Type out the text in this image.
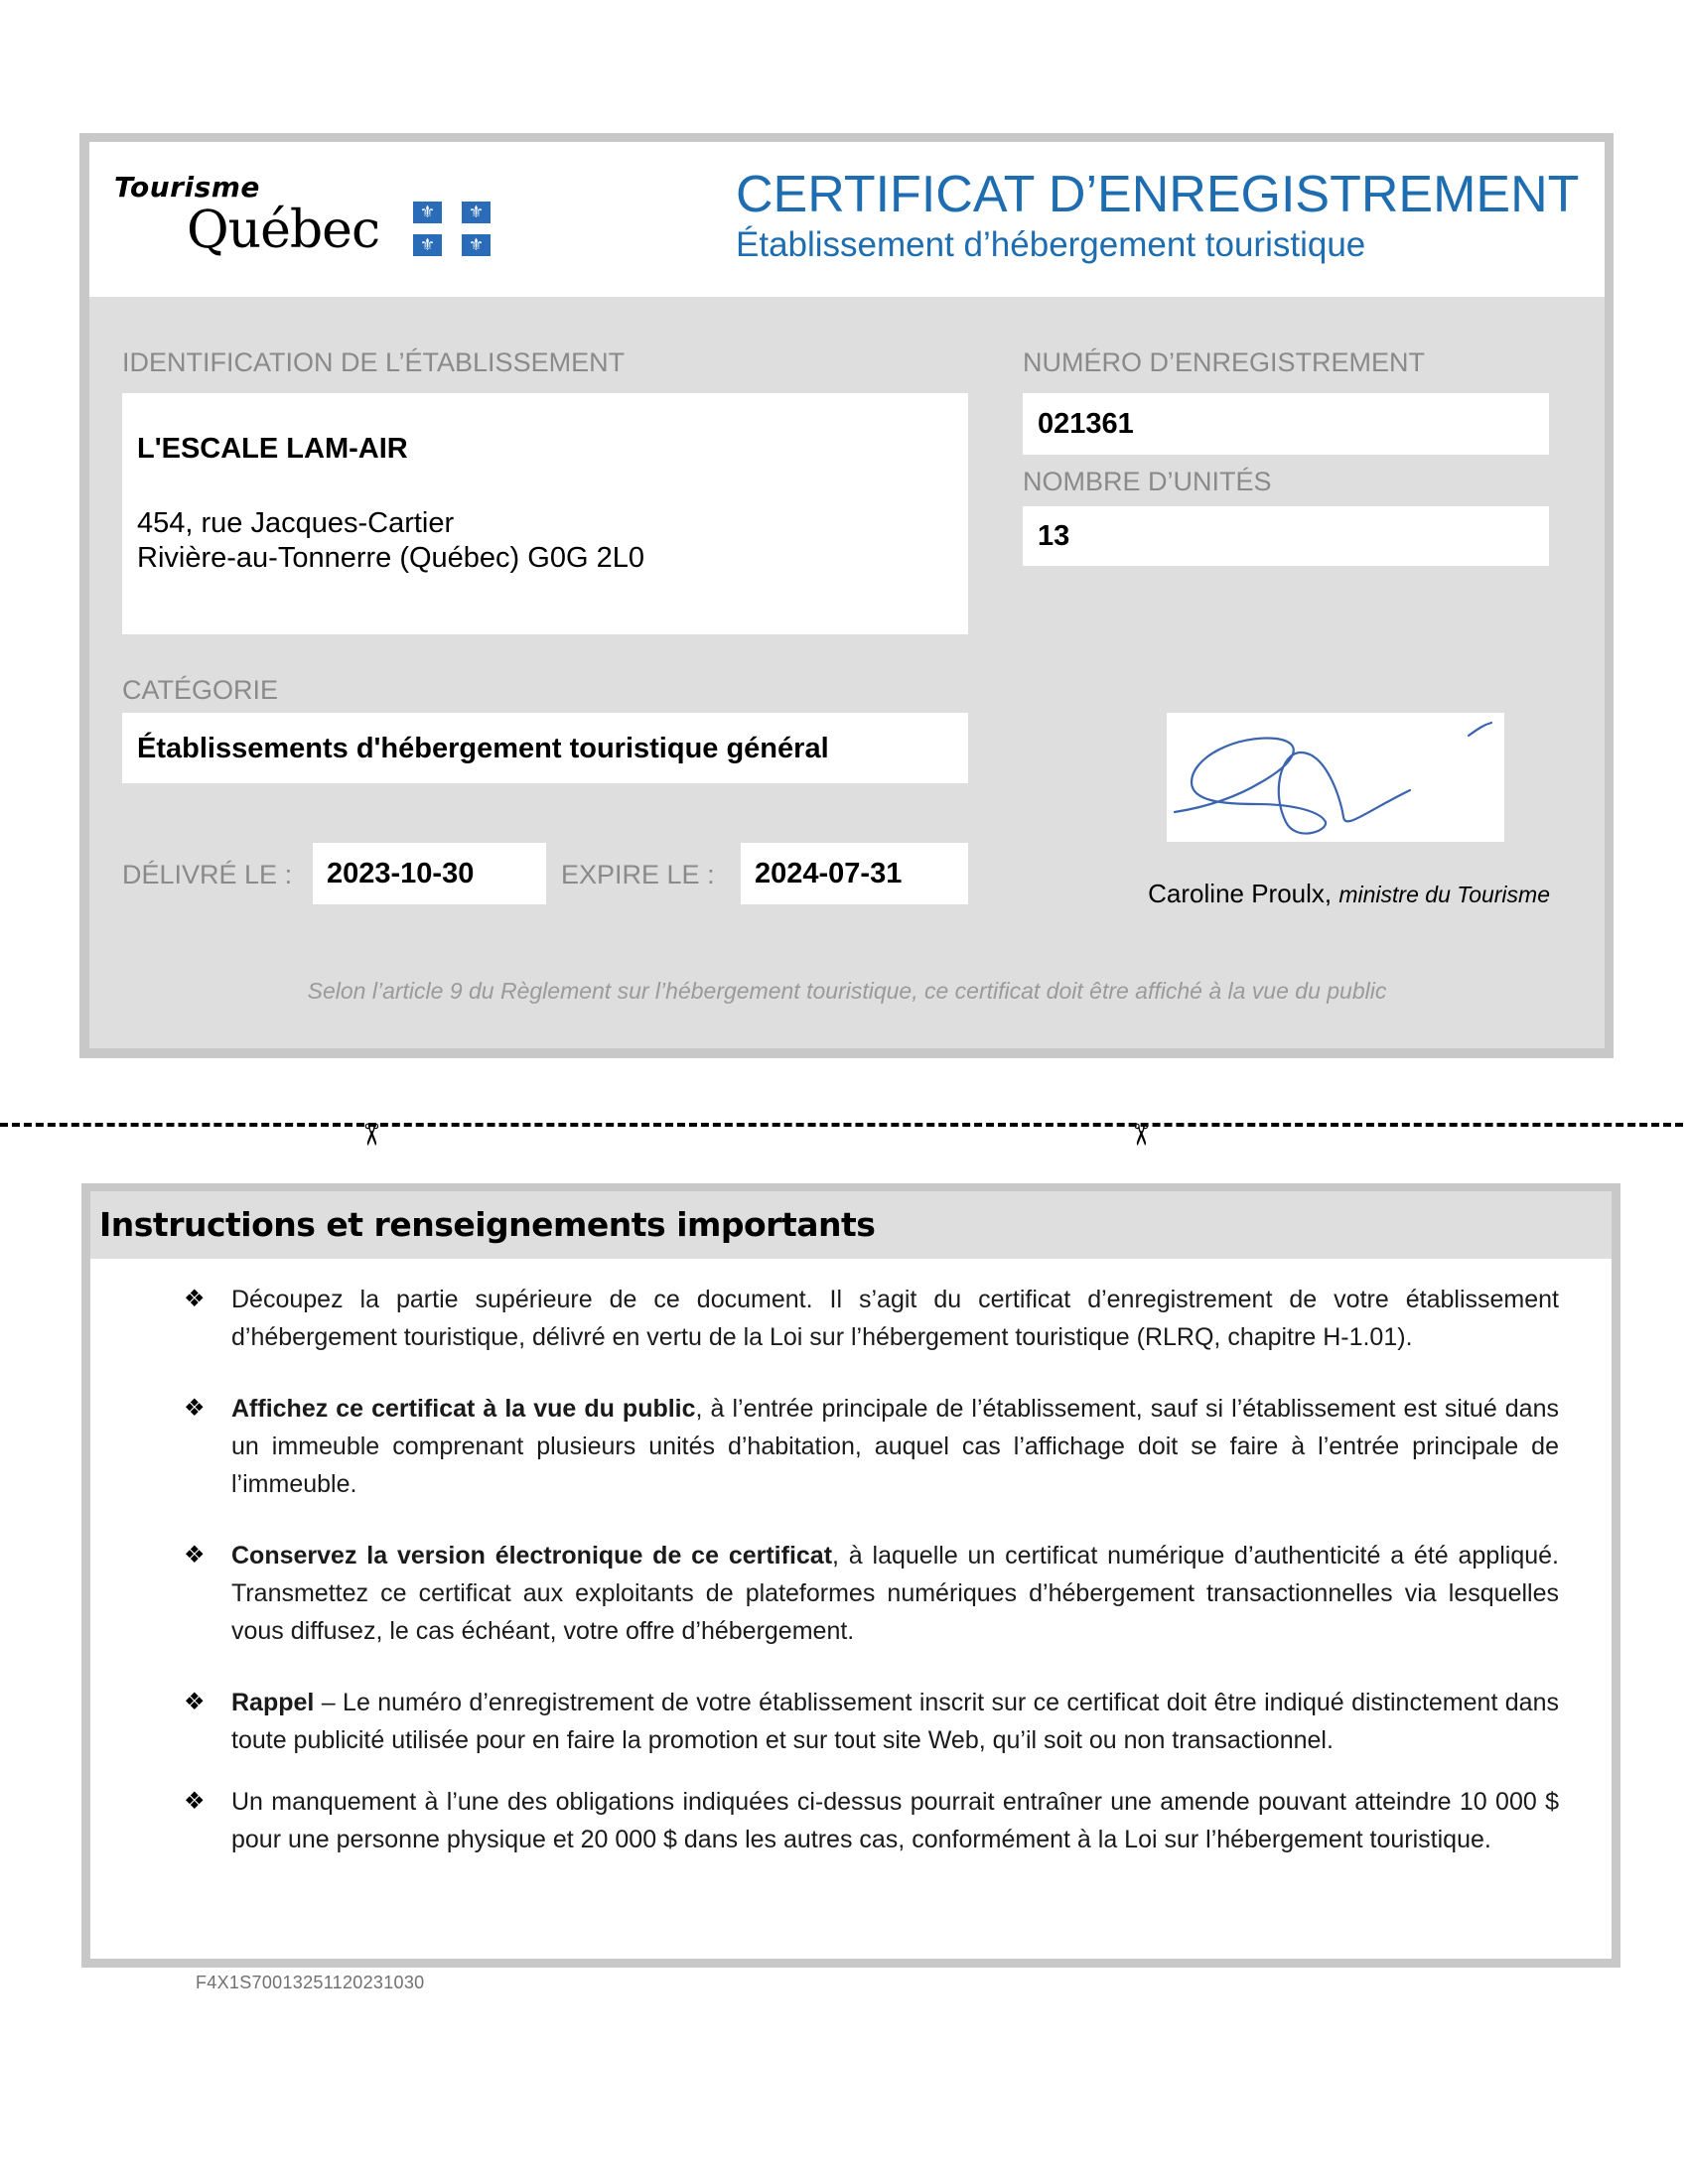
Tourisme
Québec	⚜	⚜
⚜	⚜
CERTIFICAT D’ENREGISTREMENT
Établissement d’hébergement touristique
IDENTIFICATION DE L’ÉTABLISSEMENT
L'ESCALE LAM-AIR
454, rue Jacques-Cartier
Rivière-au-Tonnerre (Québec) G0G 2L0
NUMÉRO D’ENREGISTREMENT
021361
NOMBRE D’UNITÉS
13
CATÉGORIE
Établissements d'hébergement touristique général
DÉLIVRÉ LE : 2023-10-30	EXPIRE LE : 2024-07-31
Caroline Proulx, ministre du Tourisme
Selon l’article 9 du Règlement sur l’hébergement touristique, ce certificat doit être affiché à la vue du public
✂	✂
Instructions et renseignements importants
❖ Découpez la partie supérieure de ce document. Il s’agit du certificat d’enregistrement de votre établissement d’hébergement touristique, délivré en vertu de la Loi sur l’hébergement touristique (RLRQ, chapitre H-1.01).
❖ Affichez ce certificat à la vue du public, à l’entrée principale de l’établissement, sauf si l’établissement est situé dans un immeuble comprenant plusieurs unités d’habitation, auquel cas l’affichage doit se faire à l’entrée principale de l’immeuble.
❖ Conservez la version électronique de ce certificat, à laquelle un certificat numérique d’authenticité a été appliqué. Transmettez ce certificat aux exploitants de plateformes numériques d’hébergement transactionnelles via lesquelles vous diffusez, le cas échéant, votre offre d’hébergement.
❖ Rappel – Le numéro d’enregistrement de votre établissement inscrit sur ce certificat doit être indiqué distinctement dans toute publicité utilisée pour en faire la promotion et sur tout site Web, qu’il soit ou non transactionnel.
❖ Un manquement à l’une des obligations indiquées ci-dessus pourrait entraîner une amende pouvant atteindre 10 000 $ pour une personne physique et 20 000 $ dans les autres cas, conformément à la Loi sur l’hébergement touristique.
F4X1S70013251120231030
